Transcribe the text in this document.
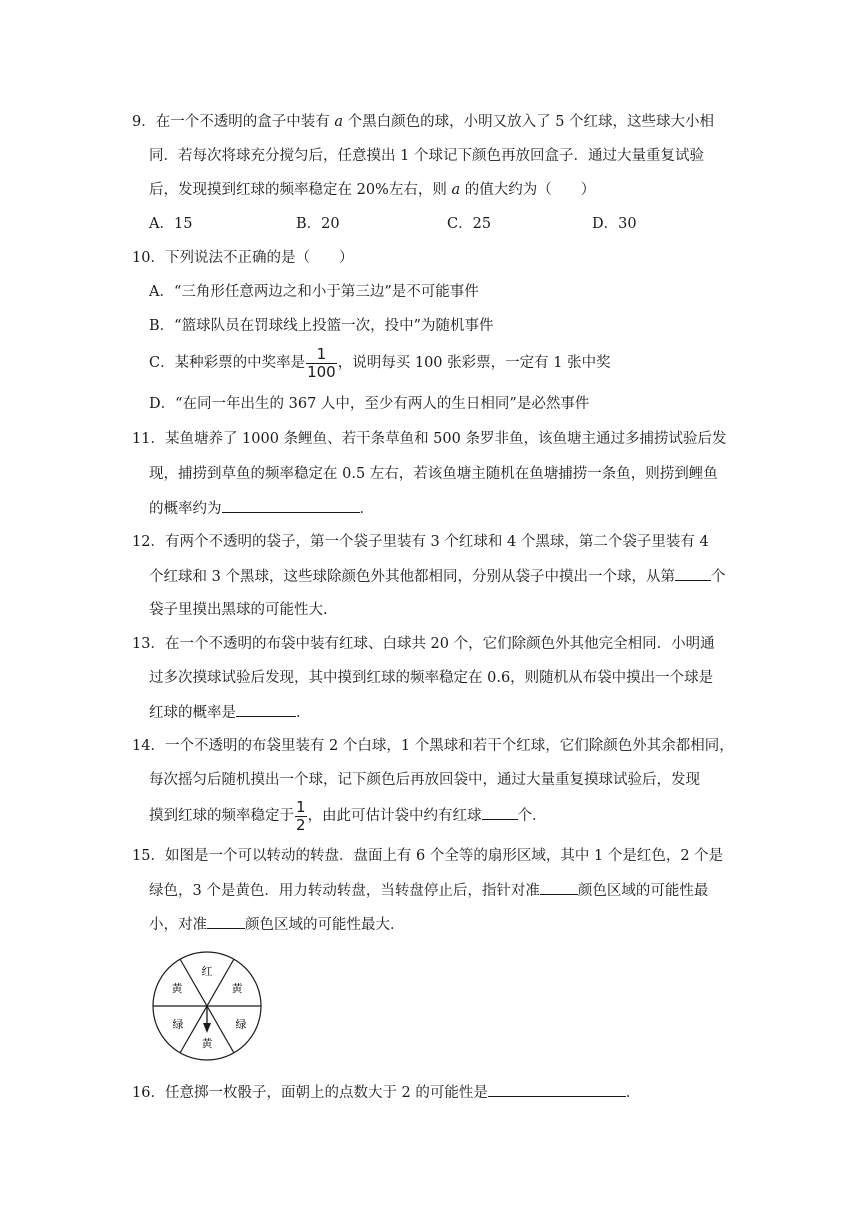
9．在一个不透明的盒子中装有 a 个黑白颜色的球，小明又放入了 5 个红球，这些球大小相
同．若每次将球充分搅匀后，任意摸出 1 个球记下颜色再放回盒子．通过大量重复试验
后，发现摸到红球的频率稳定在 20%左右，则 a 的值大约为（　　）
A．15	B．20	C．25	D．30
10．下列说法不正确的是（　　）
A．“三角形任意两边之和小于第三边”是不可能事件
B．“篮球队员在罚球线上投篮一次，投中”为随机事件
C．某种彩票的中奖率是 $\frac{1}{100}$ ，说明每买 100 张彩票，一定有 1 张中奖
D．“在同一年出生的 367 人中，至少有两人的生日相同”是必然事件
11．某鱼塘养了 1000 条鲤鱼、若干条草鱼和 500 条罗非鱼，该鱼塘主通过多捕捞试验后发
现，捕捞到草鱼的频率稳定在 0.5 左右，若该鱼塘主随机在鱼塘捕捞一条鱼，则捞到鲤鱼
的概率约为	．
12．有两个不透明的袋子，第一个袋子里装有 3 个红球和 4 个黑球，第二个袋子里装有 4
个红球和 3 个黑球，这些球除颜色外其他都相同，分别从袋子中摸出一个球，从第 个
袋子里摸出黑球的可能性大.
13．在一个不透明的布袋中装有红球、白球共 20 个，它们除颜色外其他完全相同．小明通
过多次摸球试验后发现，其中摸到红球的频率稳定在 0.6，则随机从布袋中摸出一个球是
红球的概率是	．
14．一个不透明的布袋里装有 2 个白球，1 个黑球和若干个红球，它们除颜色外其余都相同，
每次摇匀后随机摸出一个球，记下颜色后再放回袋中，通过大量重复摸球试验后，发现
摸到红球的频率稳定于 $\frac{1}{2}$ ，由此可估计袋中约有红球 个．
15．如图是一个可以转动的转盘．盘面上有 6 个全等的扇形区域，其中 1 个是红色，2 个是
绿色，3 个是黄色．用力转动转盘，当转盘停止后，指针对准	颜色区域的可能性最
小，对准	颜色区域的可能性最大．
红
黄
绿
黄
绿
黄
16．任意掷一枚骰子，面朝上的点数大于 2 的可能性是	．
